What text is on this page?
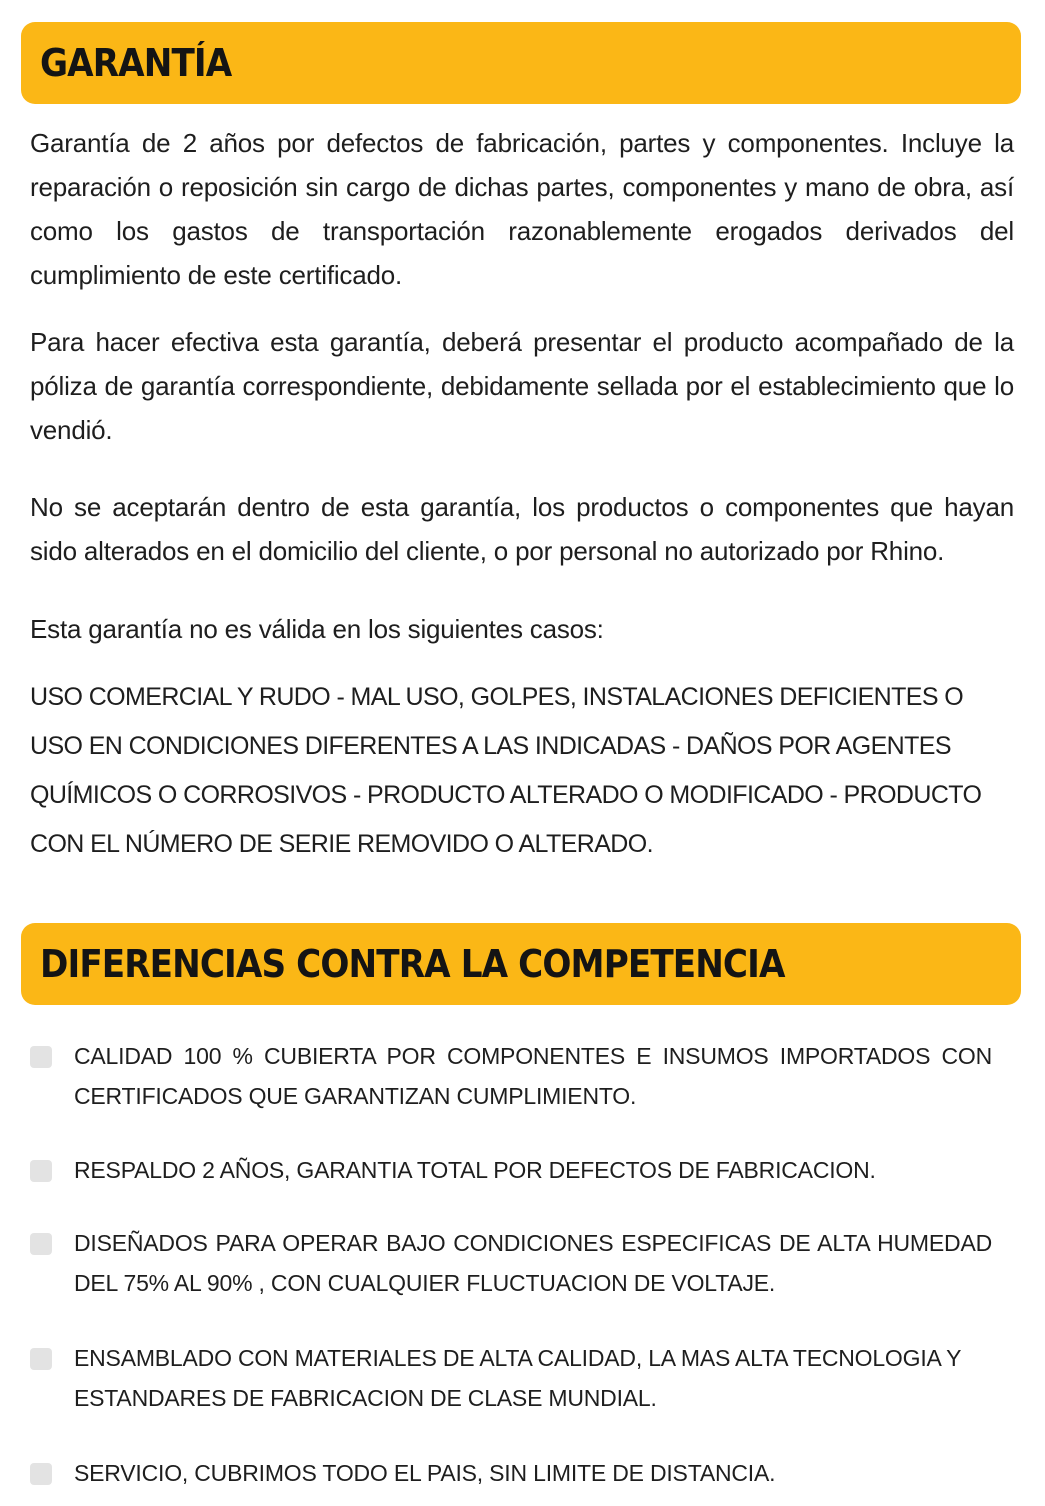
GARANTÍA

Garantía de 2 años por defectos de fabricación, partes y componentes. Incluye la reparación o reposición sin cargo de dichas partes, componentes y mano de obra, así como los gastos de transportación razonablemente erogados derivados del cumplimiento de este certificado.

Para hacer efectiva esta garantía, deberá presentar el producto acompañado de la póliza de garantía correspondiente, debidamente sellada por el establecimiento que lo vendió.

No se aceptarán dentro de esta garantía, los productos o componentes que hayan sido alterados en el domicilio del cliente, o por personal no autorizado por Rhino.

Esta garantía no es válida en los siguientes casos:

USO COMERCIAL Y RUDO - MAL USO, GOLPES, INSTALACIONES DEFICIENTES O USO EN CONDICIONES DIFERENTES A LAS INDICADAS - DAÑOS POR AGENTES QUÍMICOS O CORROSIVOS - PRODUCTO ALTERADO O MODIFICADO - PRODUCTO CON EL NÚMERO DE SERIE REMOVIDO O ALTERADO.

DIFERENCIAS CONTRA LA COMPETENCIA
CALIDAD 100 % CUBIERTA POR COMPONENTES E INSUMOS IMPORTADOS CON CERTIFICADOS QUE GARANTIZAN CUMPLIMIENTO.
RESPALDO 2 AÑOS, GARANTIA TOTAL POR DEFECTOS DE FABRICACION.
DISEÑADOS PARA OPERAR BAJO CONDICIONES ESPECIFICAS DE ALTA HUMEDAD DEL 75% AL 90% , CON CUALQUIER FLUCTUACION DE VOLTAJE.
ENSAMBLADO CON MATERIALES DE ALTA CALIDAD, LA MAS ALTA TECNOLOGIA Y ESTANDARES DE FABRICACION DE CLASE MUNDIAL.
SERVICIO, CUBRIMOS TODO EL PAIS, SIN LIMITE DE DISTANCIA.
